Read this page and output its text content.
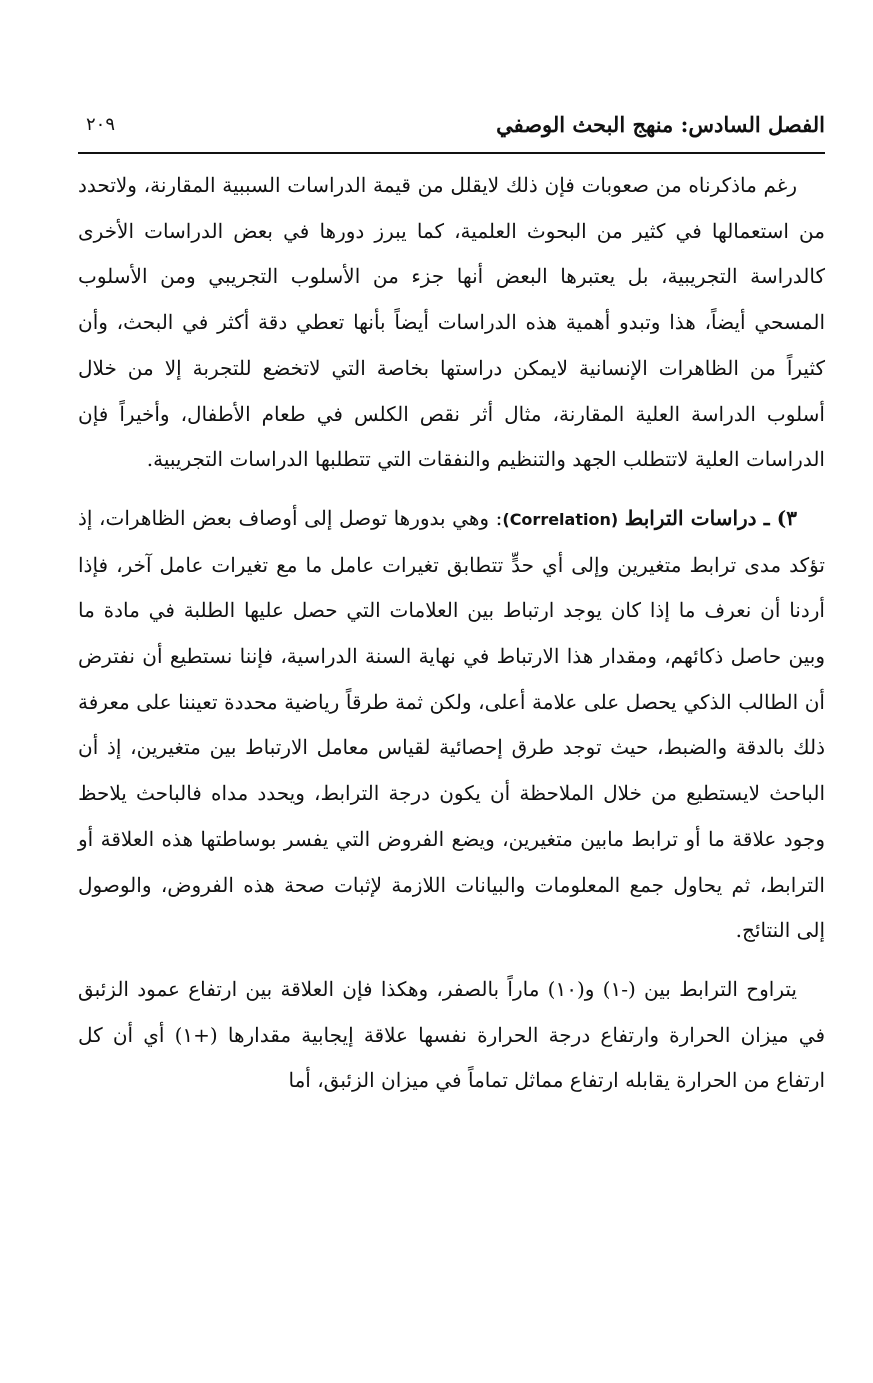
الفصل السادس: منهج البحث الوصفي
٢٠٩

رغم ماذكرناه من صعوبات فإن ذلك لايقلل من قيمة الدراسات السببية المقارنة، ولاتحدد من استعمالها في كثير من البحوث العلمية، كما يبرز دورها في بعض الدراسات الأخرى كالدراسة التجريبية، بل يعتبرها البعض أنها جزء من الأسلوب التجريبي ومن الأسلوب المسحي أيضاً، هذا وتبدو أهمية هذه الدراسات أيضاً بأنها تعطي دقة أكثر في البحث، وأن كثيراً من الظاهرات الإنسانية لايمكن دراستها بخاصة التي لاتخضع للتجربة إلا من خلال أسلوب الدراسة العلية المقارنة، مثال أثر نقص الكلس في طعام الأطفال، وأخيراً فإن الدراسات العلية لاتتطلب الجهد والتنظيم والنفقات التي تتطلبها الدراسات التجريبية.

٣) ـ دراسات الترابط (Correlation): وهي بدورها توصل إلى أوصاف بعض الظاهرات، إذ تؤكد مدى ترابط متغيرين وإلى أي حدٍّ تتطابق تغيرات عامل ما مع تغيرات عامل آخر، فإذا أردنا أن نعرف ما إذا كان يوجد ارتباط بين العلامات التي حصل عليها الطلبة في مادة ما وبين حاصل ذكائهم، ومقدار هذا الارتباط في نهاية السنة الدراسية، فإننا نستطيع أن نفترض أن الطالب الذكي يحصل على علامة أعلى، ولكن ثمة طرقاً رياضية محددة تعيننا على معرفة ذلك بالدقة والضبط، حيث توجد طرق إحصائية لقياس معامل الارتباط بين متغيرين، إذ أن الباحث لايستطيع من خلال الملاحظة أن يكون درجة الترابط، ويحدد مداه فالباحث يلاحظ وجود علاقة ما أو ترابط مابين متغيرين، ويضع الفروض التي يفسر بوساطتها هذه العلاقة أو الترابط، ثم يحاول جمع المعلومات والبيانات اللازمة لإثبات صحة هذه الفروض، والوصول إلى النتائج.

يتراوح الترابط بين (-١) و(١٠) ماراً بالصفر، وهكذا فإن العلاقة بين ارتفاع عمود الزئبق في ميزان الحرارة وارتفاع درجة الحرارة نفسها علاقة إيجابية مقدارها (+١) أي أن كل ارتفاع من الحرارة يقابله ارتفاع مماثل تماماً في ميزان الزئبق، أما
